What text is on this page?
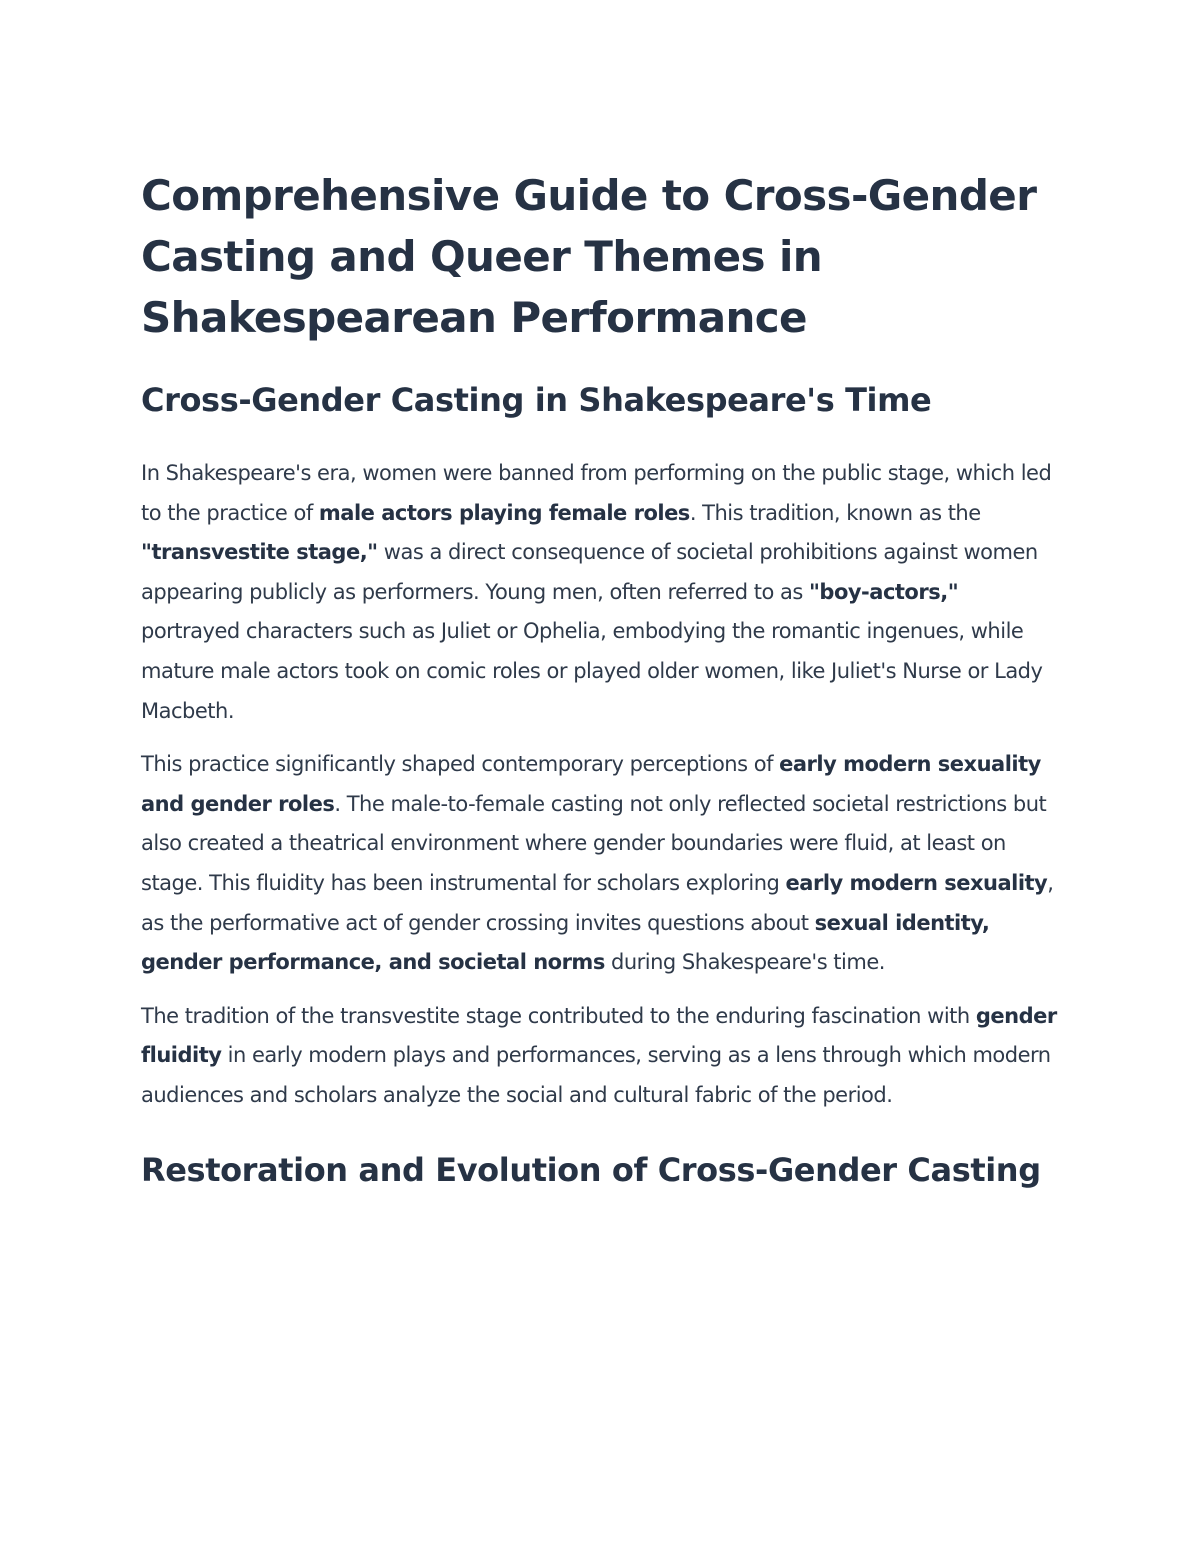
Comprehensive Guide to Cross-Gender Casting and Queer Themes in Shakespearean Performance
Cross-Gender Casting in Shakespeare's Time

In Shakespeare's era, women were banned from performing on the public stage, which led to the practice of male actors playing female roles. This tradition, known as the "transvestite stage," was a direct consequence of societal prohibitions against women appearing publicly as performers. Young men, often referred to as "boy-actors," portrayed characters such as Juliet or Ophelia, embodying the romantic ingenues, while mature male actors took on comic roles or played older women, like Juliet's Nurse or Lady Macbeth.

This practice significantly shaped contemporary perceptions of early modern sexuality and gender roles. The male-to-female casting not only reflected societal restrictions but also created a theatrical environment where gender boundaries were fluid, at least on stage. This fluidity has been instrumental for scholars exploring early modern sexuality, as the performative act of gender crossing invites questions about sexual identity, gender performance, and societal norms during Shakespeare's time.

The tradition of the transvestite stage contributed to the enduring fascination with gender fluidity in early modern plays and performances, serving as a lens through which modern audiences and scholars analyze the social and cultural fabric of the period.

Restoration and Evolution of Cross-Gender Casting
